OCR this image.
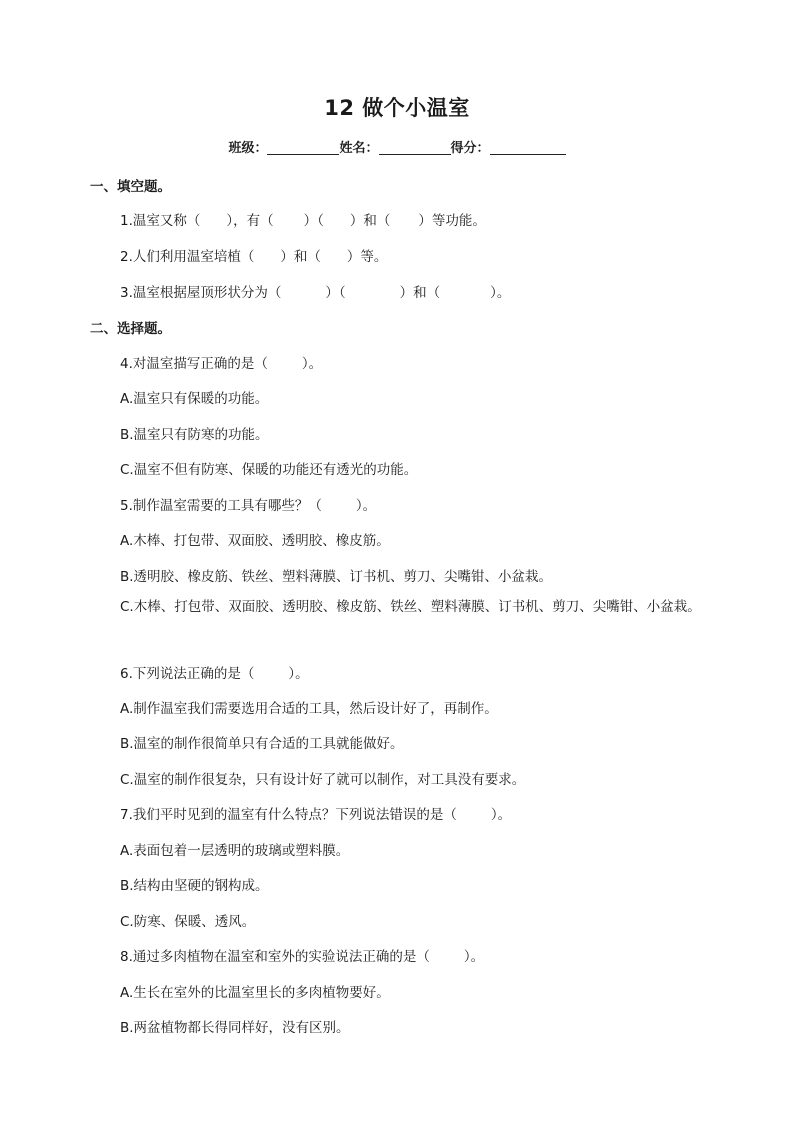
12 做个小温室
班级：	姓名：	得分：
一、填空题。
1.温室又称（ ），有（ ）（ ）和（ ）等功能。
2.人们利用温室培植（ ）和（ ）等。
3.温室根据屋顶形状分为（	）（	）和（	）。
二、选择题。
4.对温室描写正确的是（	）。
A.温室只有保暖的功能。
B.温室只有防寒的功能。
C.温室不但有防寒、保暖的功能还有透光的功能。
5.制作温室需要的工具有哪些？（	）。
A.木棒、打包带、双面胶、透明胶、橡皮筋。
B.透明胶、橡皮筋、铁丝、塑料薄膜、订书机、剪刀、尖嘴钳、小盆栽。
C.木棒、打包带、双面胶、透明胶、橡皮筋、铁丝、塑料薄膜、订书机、剪刀、尖嘴钳、小盆栽。
6.下列说法正确的是（	）。
A.制作温室我们需要选用合适的工具，然后设计好了，再制作。
B.温室的制作很简单只有合适的工具就能做好。
C.温室的制作很复杂，只有设计好了就可以制作，对工具没有要求。
7.我们平时见到的温室有什么特点？下列说法错误的是（	）。
A.表面包着一层透明的玻璃或塑料膜。
B.结构由坚硬的钢构成。
C.防寒、保暖、透风。
8.通过多肉植物在温室和室外的实验说法正确的是（	）。
A.生长在室外的比温室里长的多肉植物要好。
B.两盆植物都长得同样好，没有区别。
